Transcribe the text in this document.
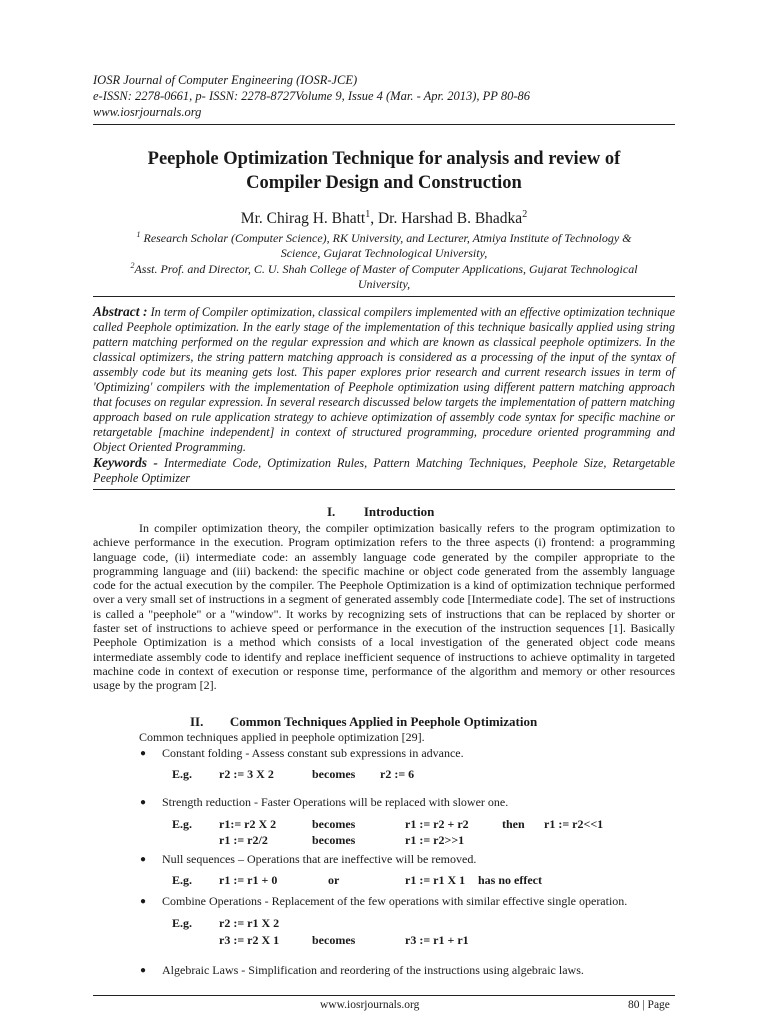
IOSR Journal of Computer Engineering (IOSR-JCE)
e-ISSN: 2278-0661, p- ISSN: 2278-8727Volume 9, Issue 4 (Mar. - Apr. 2013), PP 80-86
www.iosrjournals.org
Peephole Optimization Technique for analysis and review of
Compiler Design and Construction
Mr. Chirag H. Bhatt$^1$, Dr. Harshad B. Bhadka$^2$
$^1$ Research Scholar (Computer Science), RK University, and Lecturer, Atmiya Institute of Technology &
Science, Gujarat Technological University,
$^2$Asst. Prof. and Director, C. U. Shah College of Master of Computer Applications, Gujarat Technological
University,
Abstract : In term of Compiler optimization, classical compilers implemented with an effective optimization technique called Peephole optimization. In the early stage of the implementation of this technique basically applied using string pattern matching performed on the regular expression and which are known as classical peephole optimizers. In the classical optimizers, the string pattern matching approach is considered as a processing of the input of the syntax of assembly code but its meaning gets lost. This paper explores prior research and current research issues in term of 'Optimizing' compilers with the implementation of Peephole optimization using different pattern matching approach that focuses on regular expression. In several research discussed below targets the implementation of pattern matching approach based on rule application strategy to achieve optimization of assembly code syntax for specific machine or retargetable [machine independent] in context of structured programming, procedure oriented programming and Object Oriented Programming.
Keywords - Intermediate Code, Optimization Rules, Pattern Matching Techniques, Peephole Size, Retargetable Peephole Optimizer
I. Introduction
In compiler optimization theory, the compiler optimization basically refers to the program optimization to achieve performance in the execution. Program optimization refers to the three aspects (i) frontend: a programming language code, (ii) intermediate code: an assembly language code generated by the compiler appropriate to the programming language and (iii) backend: the specific machine or object code generated from the assembly language code for the actual execution by the compiler. The Peephole Optimization is a kind of optimization technique performed over a very small set of instructions in a segment of generated assembly code [Intermediate code]. The set of instructions is called a "peephole" or a "window". It works by recognizing sets of instructions that can be replaced by shorter or faster set of instructions to achieve speed or performance in the execution of the instruction sequences [1]. Basically Peephole Optimization is a method which consists of a local investigation of the generated object code means intermediate assembly code to identify and replace inefficient sequence of instructions to achieve optimality in targeted machine code in context of execution or response time, performance of the algorithm and memory or other resources usage by the program [2].
II. Common Techniques Applied in Peephole Optimization
Common techniques applied in peephole optimization [29].
● Constant folding - Assess constant sub expressions in advance.
E.g. r2 := 3 X 2	becomes r2 := 6
● Strength reduction - Faster Operations will be replaced with slower one.
E.g. r1:= r2 X 2	becomes	r1 := r2 + r2	then r1 := r2<<1
r1 := r2/2	becomes	r1 := r2>>1
● Null sequences – Operations that are ineffective will be removed.
E.g. r1 := r1 + 0	or	r1 := r1 X 1 has no effect
● Combine Operations - Replacement of the few operations with similar effective single operation.
E.g. r2 := r1 X 2
r3 := r2 X 1	becomes	r3 := r1 + r1
● Algebraic Laws - Simplification and reordering of the instructions using algebraic laws.
www.iosrjournals.org	80 | Page
